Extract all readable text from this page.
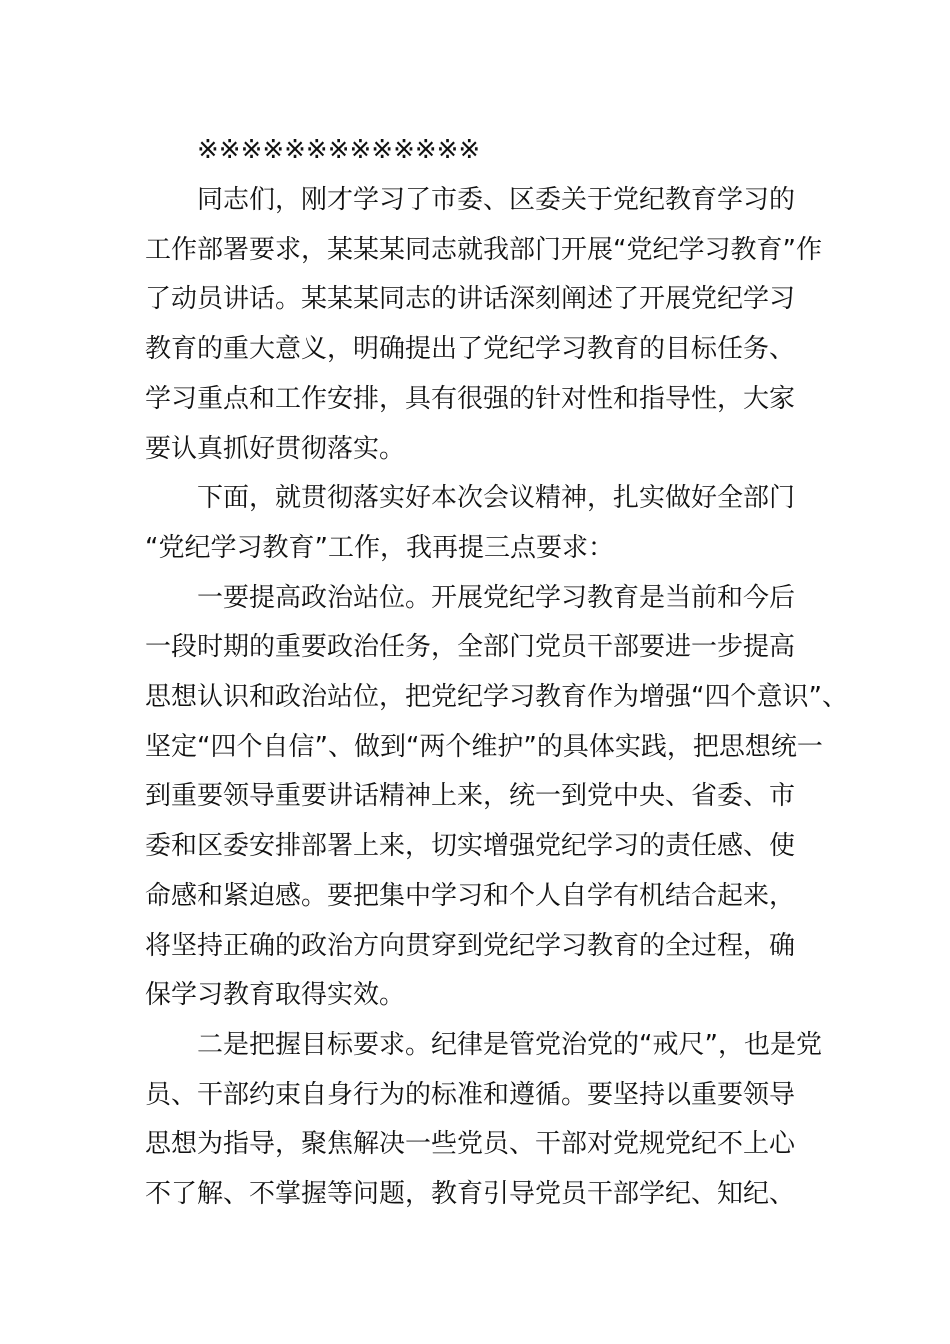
※※※※※※※※※※※※※
同志们，刚才学习了市委、区委关于党纪教育学习的
工作部署要求，某某某同志就我部门开展“党纪学习教育”作
了动员讲话。某某某同志的讲话深刻阐述了开展党纪学习
教育的重大意义，明确提出了党纪学习教育的目标任务、
学习重点和工作安排，具有很强的针对性和指导性，大家
要认真抓好贯彻落实。
下面，就贯彻落实好本次会议精神，扎实做好全部门
“党纪学习教育”工作，我再提三点要求：
一要提高政治站位。开展党纪学习教育是当前和今后
一段时期的重要政治任务，全部门党员干部要进一步提高
思想认识和政治站位，把党纪学习教育作为增强“四个意识”、
坚定“四个自信”、做到“两个维护”的具体实践，把思想统一
到重要领导重要讲话精神上来，统一到党中央、省委、市
委和区委安排部署上来，切实增强党纪学习的责任感、使
命感和紧迫感。要把集中学习和个人自学有机结合起来，
将坚持正确的政治方向贯穿到党纪学习教育的全过程，确
保学习教育取得实效。
二是把握目标要求。纪律是管党治党的“戒尺”，也是党
员、干部约束自身行为的标准和遵循。要坚持以重要领导
思想为指导，聚焦解决一些党员、干部对党规党纪不上心
不了解、不掌握等问题，教育引导党员干部学纪、知纪、
